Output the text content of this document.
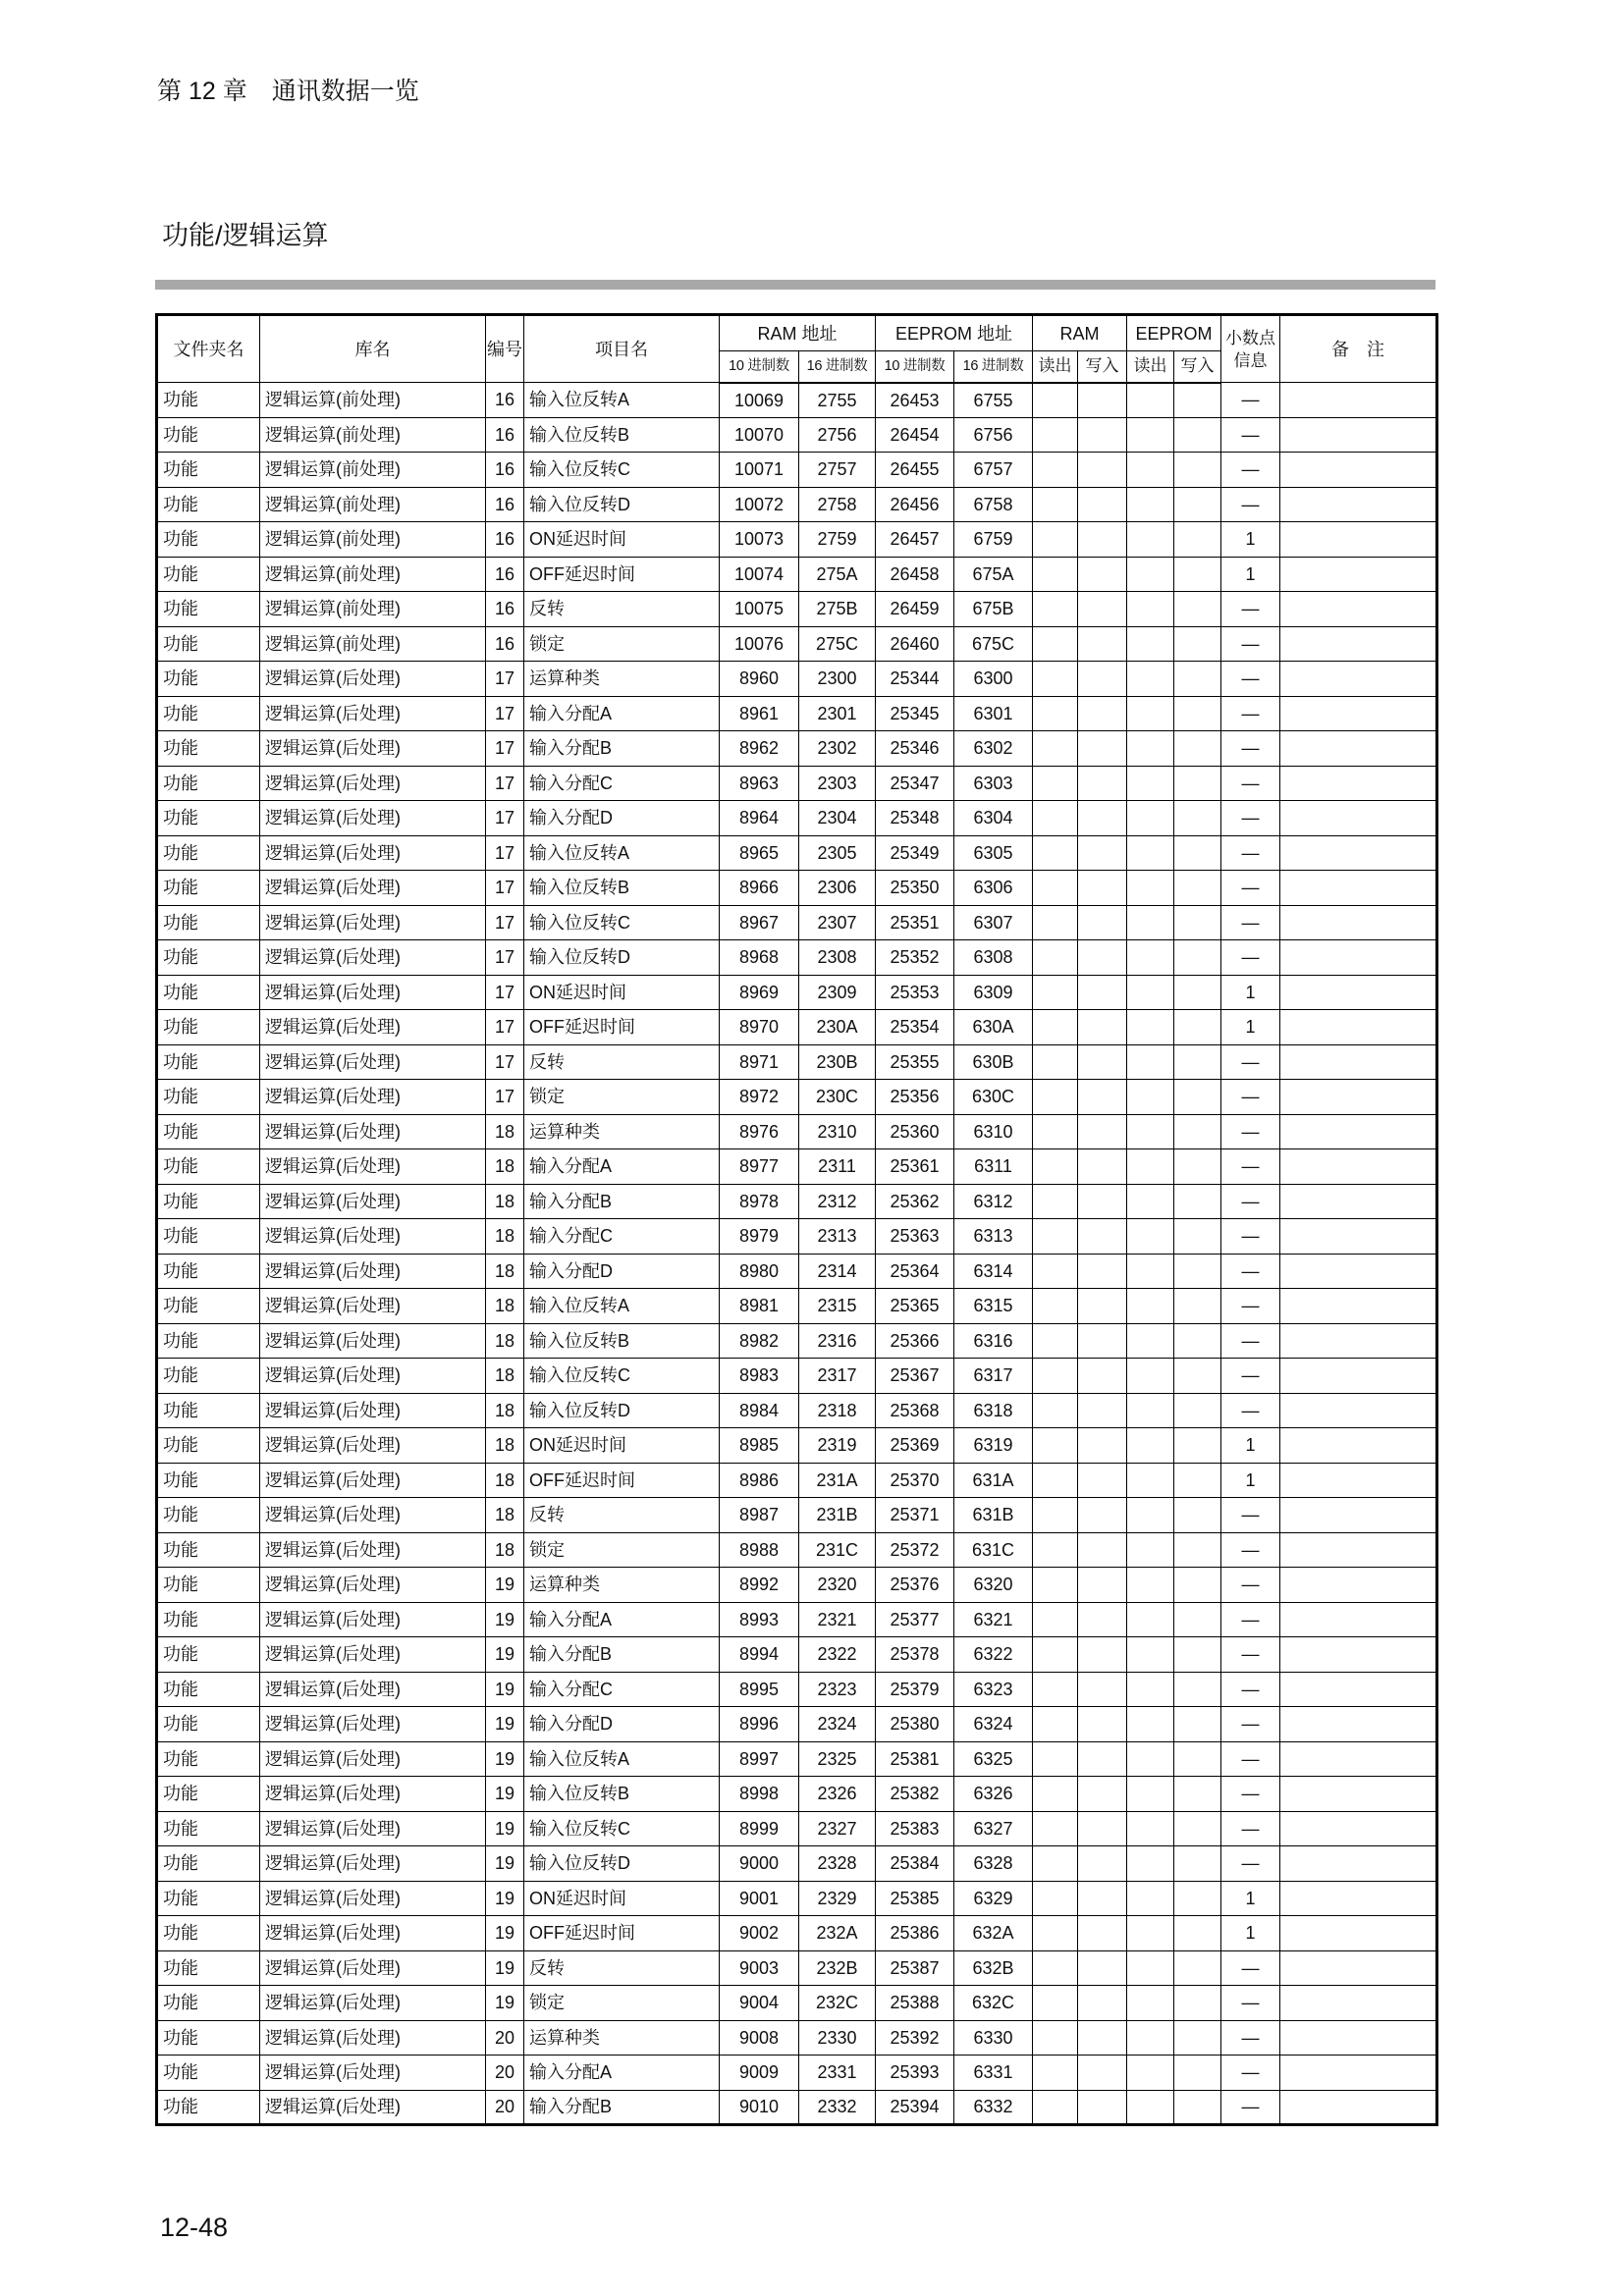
第 12 章　通讯数据一览
功能/逻辑运算
文件夹名	库名	编号	项目名	RAM 地址		EEPROM 地址		RAM		EEPROM		小数点
信息	备　注
				10 进制数	16 进制数	10 进制数	16 进制数	读出	写入	读出	写入		
功能	逻辑运算(前处理)	16	输入位反转A	10069	2755	26453	6755					—	
功能	逻辑运算(前处理)	16	输入位反转B	10070	2756	26454	6756					—	
功能	逻辑运算(前处理)	16	输入位反转C	10071	2757	26455	6757					—	
功能	逻辑运算(前处理)	16	输入位反转D	10072	2758	26456	6758					—	
功能	逻辑运算(前处理)	16	ON延迟时间	10073	2759	26457	6759					1	
功能	逻辑运算(前处理)	16	OFF延迟时间	10074	275A	26458	675A					1	
功能	逻辑运算(前处理)	16	反转	10075	275B	26459	675B					—	
功能	逻辑运算(前处理)	16	锁定	10076	275C	26460	675C					—	
功能	逻辑运算(后处理)	17	运算种类	8960	2300	25344	6300					—	
功能	逻辑运算(后处理)	17	输入分配A	8961	2301	25345	6301					—	
功能	逻辑运算(后处理)	17	输入分配B	8962	2302	25346	6302					—	
功能	逻辑运算(后处理)	17	输入分配C	8963	2303	25347	6303					—	
功能	逻辑运算(后处理)	17	输入分配D	8964	2304	25348	6304					—	
功能	逻辑运算(后处理)	17	输入位反转A	8965	2305	25349	6305					—	
功能	逻辑运算(后处理)	17	输入位反转B	8966	2306	25350	6306					—	
功能	逻辑运算(后处理)	17	输入位反转C	8967	2307	25351	6307					—	
功能	逻辑运算(后处理)	17	输入位反转D	8968	2308	25352	6308					—	
功能	逻辑运算(后处理)	17	ON延迟时间	8969	2309	25353	6309					1	
功能	逻辑运算(后处理)	17	OFF延迟时间	8970	230A	25354	630A					1	
功能	逻辑运算(后处理)	17	反转	8971	230B	25355	630B					—	
功能	逻辑运算(后处理)	17	锁定	8972	230C	25356	630C					—	
功能	逻辑运算(后处理)	18	运算种类	8976	2310	25360	6310					—	
功能	逻辑运算(后处理)	18	输入分配A	8977	2311	25361	6311					—	
功能	逻辑运算(后处理)	18	输入分配B	8978	2312	25362	6312					—	
功能	逻辑运算(后处理)	18	输入分配C	8979	2313	25363	6313					—	
功能	逻辑运算(后处理)	18	输入分配D	8980	2314	25364	6314					—	
功能	逻辑运算(后处理)	18	输入位反转A	8981	2315	25365	6315					—	
功能	逻辑运算(后处理)	18	输入位反转B	8982	2316	25366	6316					—	
功能	逻辑运算(后处理)	18	输入位反转C	8983	2317	25367	6317					—	
功能	逻辑运算(后处理)	18	输入位反转D	8984	2318	25368	6318					—	
功能	逻辑运算(后处理)	18	ON延迟时间	8985	2319	25369	6319					1	
功能	逻辑运算(后处理)	18	OFF延迟时间	8986	231A	25370	631A					1	
功能	逻辑运算(后处理)	18	反转	8987	231B	25371	631B					—	
功能	逻辑运算(后处理)	18	锁定	8988	231C	25372	631C					—	
功能	逻辑运算(后处理)	19	运算种类	8992	2320	25376	6320					—	
功能	逻辑运算(后处理)	19	输入分配A	8993	2321	25377	6321					—	
功能	逻辑运算(后处理)	19	输入分配B	8994	2322	25378	6322					—	
功能	逻辑运算(后处理)	19	输入分配C	8995	2323	25379	6323					—	
功能	逻辑运算(后处理)	19	输入分配D	8996	2324	25380	6324					—	
功能	逻辑运算(后处理)	19	输入位反转A	8997	2325	25381	6325					—	
功能	逻辑运算(后处理)	19	输入位反转B	8998	2326	25382	6326					—	
功能	逻辑运算(后处理)	19	输入位反转C	8999	2327	25383	6327					—	
功能	逻辑运算(后处理)	19	输入位反转D	9000	2328	25384	6328					—	
功能	逻辑运算(后处理)	19	ON延迟时间	9001	2329	25385	6329					1	
功能	逻辑运算(后处理)	19	OFF延迟时间	9002	232A	25386	632A					1	
功能	逻辑运算(后处理)	19	反转	9003	232B	25387	632B					—	
功能	逻辑运算(后处理)	19	锁定	9004	232C	25388	632C					—	
功能	逻辑运算(后处理)	20	运算种类	9008	2330	25392	6330					—	
功能	逻辑运算(后处理)	20	输入分配A	9009	2331	25393	6331					—	
功能	逻辑运算(后处理)	20	输入分配B	9010	2332	25394	6332					—	
12-48
